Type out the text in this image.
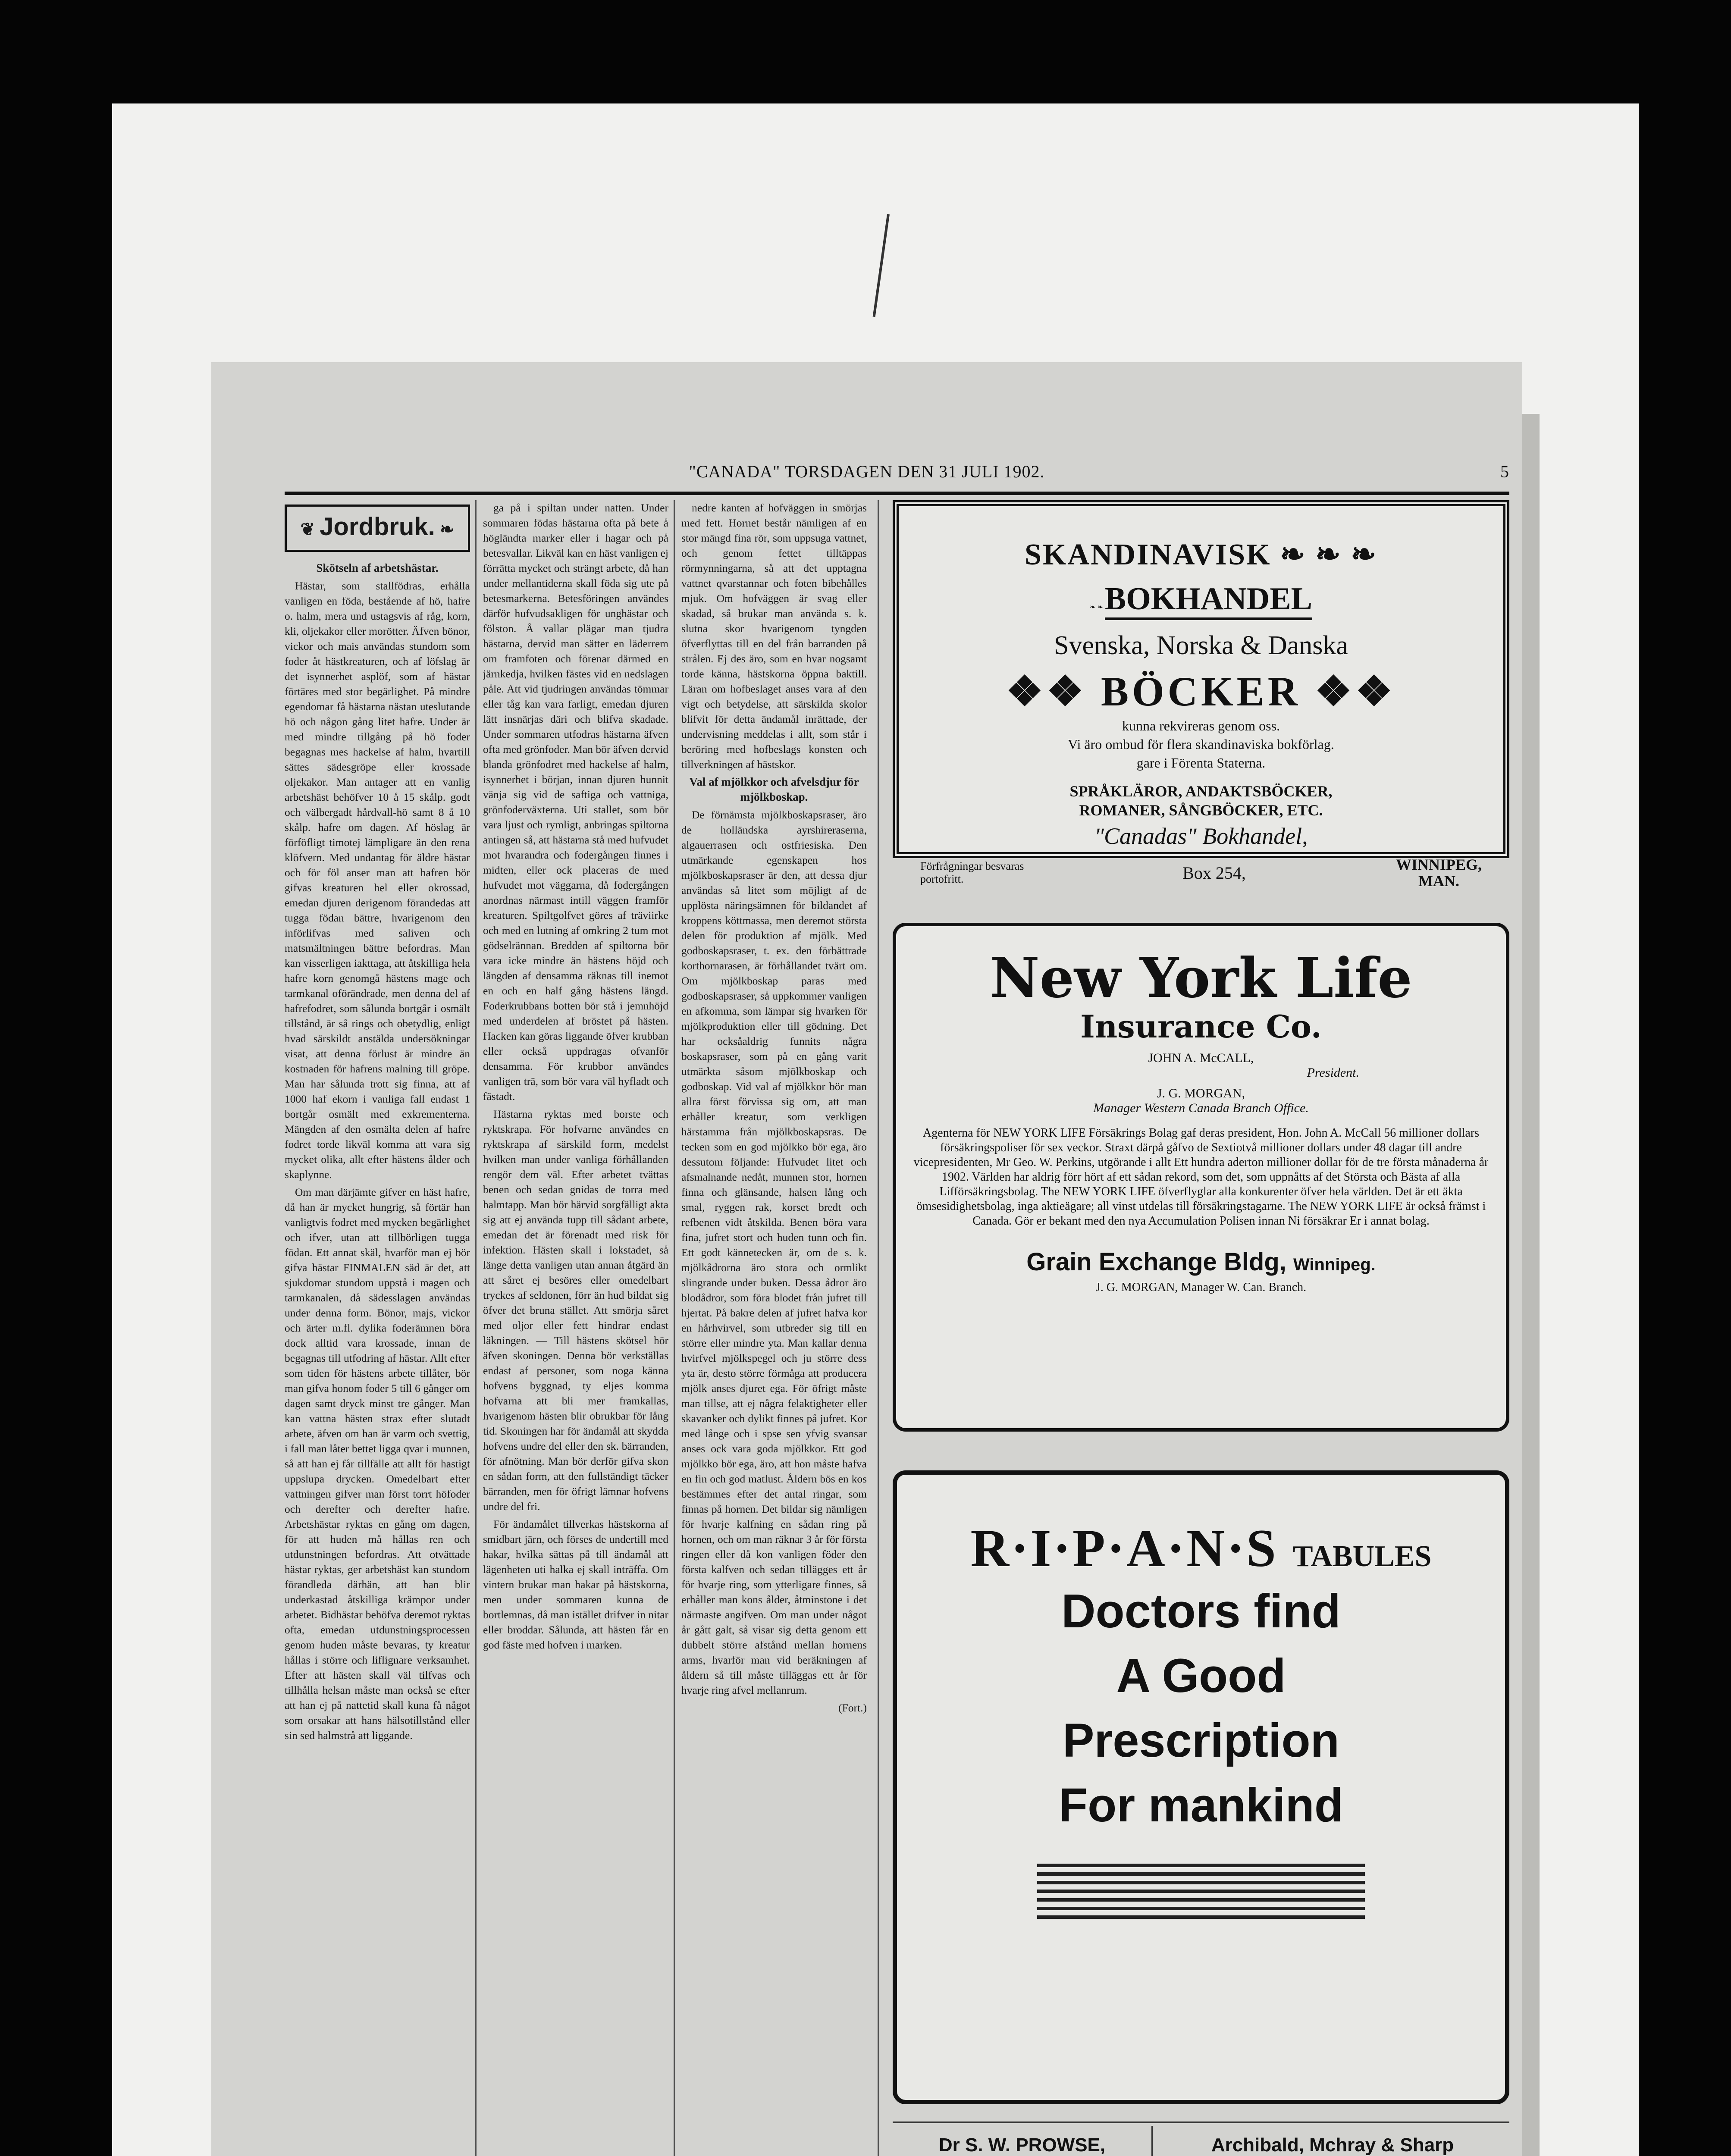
"CANADA" TORSDAGEN DEN 31 JULI 1902.	5
❦ Jordbruk. ❧

Skötseln af arbetshästar.

Hästar, som stallfödras, erhålla vanligen en föda, bestående af hö, hafre o. halm, mera und ustagsvis af råg, korn, kli, oljekakor eller morötter. Äfven bönor, vickor och mais användas stundom som foder åt hästkreaturen, och af löfslag är det isynnerhet asplöf, som af hästar förtäres med stor begärlighet. På mindre egendomar få hästarna nästan uteslutande hö och någon gång litet hafre. Under är med mindre tillgång på hö foder begagnas mes hackelse af halm, hvartill sättes sädesgröpe eller krossade oljekakor. Man antager att en vanlig arbetshäst behöfver 10 å 15 skålp. godt och välbergadt hårdvall-hö samt 8 å 10 skålp. hafre om dagen. Af höslag är förföfligt timotej lämpligare än den rena klöfvern. Med undantag för äldre hästar och för föl anser man att hafren bör gifvas kreaturen hel eller okrossad, emedan djuren derigenom förandedas att tugga födan bättre, hvarigenom den införlifvas med saliven och matsmältningen bättre befordras. Man kan visserligen iakttaga, att åtskilliga hela hafre korn genomgå hästens mage och tarmkanal oförändrade, men denna del af hafrefodret, som sålunda bortgår i osmält tillstånd, är så rings och obetydlig, enligt hvad särskildt anstälda undersökningar visat, att denna förlust är mindre än kostnaden för hafrens malning till gröpe. Man har sålunda trott sig finna, att af 1000 haf ekorn i vanliga fall endast 1 bortgår osmält med exkrementerna. Mängden af den osmälta delen af hafre fodret torde likväl komma att vara sig mycket olika, allt efter hästens ålder och skaplynne.

Om man därjämte gifver en häst hafre, då han är mycket hungrig, så förtär han vanligtvis fodret med mycken begärlighet och ifver, utan att tillbörligen tugga födan. Ett annat skäl, hvarför man ej bör gifva hästar FINMALEN säd är det, att sjukdomar stundom uppstå i magen och tarmkanalen, då sädesslagen användas under denna form. Bönor, majs, vickor och ärter m.fl. dylika foderämnen böra dock alltid vara krossade, innan de begagnas till utfodring af hästar. Allt efter som tiden för hästens arbete tillåter, bör man gifva honom foder 5 till 6 gånger om dagen samt dryck minst tre gånger. Man kan vattna hästen strax efter slutadt arbete, äfven om han är varm och svettig, i fall man låter bettet ligga qvar i munnen, så att han ej får tillfälle att allt för hastigt uppslupa drycken. Omedelbart efter vattningen gifver man först torrt höfoder och derefter och derefter hafre. Arbetshästar ryktas en gång om dagen, för att huden må hållas ren och utdunstningen befordras. Att otvättade hästar ryktas, ger arbetshäst kan stundom förandleda därhän, att han blir underkastad åtskilliga krämpor under arbetet. Bidhästar behöfva deremot ryktas ofta, emedan utdunstningsprocessen genom huden måste bevaras, ty kreatur hållas i större och liflignare verksamhet. Efter att hästen skall väl tilfvas och tillhålla helsan måste man också se efter att han ej på nattetid skall kuna få något som orsakar att hans hälsotillstånd eller sin sed halmstrå att liggande.

ga på i spiltan under natten. Under sommaren födas hästarna ofta på bete å högländta marker eller i hagar och på betesvallar. Likväl kan en häst vanligen ej förrätta mycket och strängt arbete, då han under mellantiderna skall föda sig ute på betesmarkerna. Betesföringen användes därför hufvudsakligen för unghästar och fölston. Å vallar plägar man tjudra hästarna, dervid man sätter en läderrem om framfoten och förenar därmed en järnkedja, hvilken fästes vid en nedslagen påle. Att vid tjudringen användas tömmar eller tåg kan vara farligt, emedan djuren lätt insnärjas däri och blifva skadade. Under sommaren utfodras hästarna äfven ofta med grönfoder. Man bör äfven dervid blanda grönfodret med hackelse af halm, isynnerhet i början, innan djuren hunnit vänja sig vid de saftiga och vattniga, grönfoderväxterna. Uti stallet, som bör vara ljust och rymligt, anbringas spiltorna antingen så, att hästarna stå med hufvudet mot hvarandra och fodergången finnes i midten, eller ock placeras de med hufvudet mot väggarna, då fodergången anordnas närmast intill väggen framför kreaturen. Spiltgolfvet göres af träviirke och med en lutning af omkring 2 tum mot gödselrännan. Bredden af spiltorna bör vara icke mindre än hästens höjd och längden af densamma räknas till inemot en och en half gång hästens längd. Foderkrubbans botten bör stå i jemnhöjd med underdelen af bröstet på hästen. Hacken kan göras liggande öfver krubban eller också uppdragas ofvanför densamma. För krubbor användes vanligen trä, som bör vara väl hyfladt och fästadt.

Hästarna ryktas med borste och ryktskrapa. För hofvarne användes en ryktskrapa af särskild form, medelst hvilken man under vanliga förhållanden rengör dem väl. Efter arbetet tvättas benen och sedan gnidas de torra med halmtapp. Man bör härvid sorgfälligt akta sig att ej använda tupp till sådant arbete, emedan det är förenadt med risk för infektion. Hästen skall i lokstadet, så länge detta vanligen utan annan åtgärd än att såret ej besöres eller omedelbart tryckes af seldonen, förr än hud bildat sig öfver det bruna stället. Att smörja såret med oljor eller fett hindrar endast läkningen. — Till hästens skötsel hör äfven skoningen. Denna bör verkställas endast af personer, som noga känna hofvens byggnad, ty eljes komma hofvarna att bli mer framkallas, hvarigenom hästen blir obrukbar för lång tid. Skoningen har för ändamål att skydda hofvens undre del eller den sk. bärranden, för afnötning. Man bör derför gifva skon en sådan form, att den fullständigt täcker bärranden, men för öfrigt lämnar hofvens undre del fri.

För ändamålet tillverkas hästskorna af smidbart järn, och förses de undertill med hakar, hvilka sättas på till ändamål att lägenheten uti halka ej skall inträffa. Om vintern brukar man hakar på hästskorna, men under sommaren kunna de bortlemnas, då man istället drifver in nitar eller broddar. Sålunda, att hästen får en god fäste med hofven i marken.

nedre kanten af hofväggen in smörjas med fett. Hornet består nämligen af en stor mängd fina rör, som uppsuga vattnet, och genom fettet tilltäppas rörmynningarna, så att det upptagna vattnet qvarstannar och foten bibehålles mjuk. Om hofväggen är svag eller skadad, så brukar man använda s. k. slutna skor hvarigenom tyngden öfverflyttas till en del från barranden på strålen. Ej des äro, som en hvar nogsamt torde känna, hästskorna öppna baktill. Läran om hofbeslaget anses vara af den vigt och betydelse, att särskilda skolor blifvit för detta ändamål inrättade, der undervisning meddelas i allt, som står i beröring med hofbeslags konsten och tillverkningen af hästskor.

Val af mjölkkor och afvelsdjur för mjölkboskap.

De förnämsta mjölkboskapsraser, äro de holländska ayrshireraserna, algauerrasen och ostfriesiska. Den utmärkande egenskapen hos mjölkboskapsraser är den, att dessa djur användas så litet som möjligt af de upplösta näringsämnen för bildandet af kroppens köttmassa, men deremot största delen för produktion af mjölk. Med godboskapsraser, t. ex. den förbättrade korthornarasen, är förhållandet tvärt om. Om mjölkboskap paras med godboskapsraser, så uppkommer vanligen en afkomma, som lämpar sig hvarken för mjölkproduktion eller till gödning. Det har ocksåaldrig funnits några boskapsraser, som på en gång varit utmärkta såsom mjölkboskap och godboskap. Vid val af mjölkkor bör man allra först förvissa sig om, att man erhåller kreatur, som verkligen härstamma från mjölkboskapsras. De tecken som en god mjölkko bör ega, äro dessutom följande: Hufvudet litet och afsmalnande nedåt, munnen stor, hornen finna och glänsande, halsen lång och smal, ryggen rak, korset bredt och refbenen vidt åtskilda. Benen böra vara fina, jufret stort och huden tunn och fin. Ett godt kännetecken är, om de s. k. mjölkådrorna äro stora och ormlikt slingrande under buken. Dessa ådror äro blodådror, som föra blodet från jufret till hjertat. På bakre delen af jufret hafva kor en hårhvirvel, som utbreder sig till en större eller mindre yta. Man kallar denna hvirfvel mjölkspegel och ju större dess yta är, desto större förmåga att producera mjölk anses djuret ega. För öfrigt måste man tillse, att ej några felaktigheter eller skavanker och dylikt finnes på jufret. Kor med långe och i spse sen yfvig svansar anses ock vara goda mjölkkor. Ett god mjölkko bör ega, äro, att hon måste hafva en fin och god matlust. Åldern bös en kos bestämmes efter det antal ringar, som finnas på hornen. Det bildar sig nämligen för hvarje kalfning en sådan ring på hornen, och om man räknar 3 år för första ringen eller då kon vanligen föder den första kalfven och sedan tillägges ett år för hvarje ring, som ytterligare finnes, så erhåller man kons ålder, åtminstone i det närmaste angifven. Om man under något år gått galt, så visar sig detta genom ett dubbelt större afstånd mellan hornens arms, hvarför man vid beräkningen af åldern så till måste tilläggas ett år för hvarje ring afvel mellanrum.

(Fort.)

SKANDINAVISK ❧ ❧ ❧
❧ ❧ BOKHANDEL
Svenska, Norska & Danska
❖❖ BÖCKER ❖❖
kunna rekvireras genom oss.
Vi äro ombud för flera skandinaviska bokförlag.
gare i Förenta Staterna.
SPRÅKLÄROR, ANDAKTSBÖCKER,
ROMANER, SÅNGBÖCKER, ETC.
"Canadas" Bokhandel,
Förfrågningar besvaras portofritt.	Box 254,	WINNIPEG,
MAN.
New York Life
Insurance Co.
JOHN A. McCALL,
President.
J. G. MORGAN,
Manager Western Canada Branch Office.
Agenterna för NEW YORK LIFE Försäkrings Bolag gaf deras president, Hon. John A. McCall 56 millioner dollars försäkringspoliser för sex veckor. Straxt därpå gåfvo de Sextiotvå millioner dollars under 48 dagar till andre vicepresidenten, Mr Geo. W. Perkins, utgörande i allt Ett hundra aderton millioner dollar för de tre första månaderna år 1902. Världen har aldrig förr hört af ett sådan rekord, som det, som uppnåtts af det Största och Bästa af alla Lifförsäkringsbolag. The NEW YORK LIFE öfverflyglar alla konkurenter öfver hela världen. Det är ett äkta ömsesidighetsbolag, inga aktieägare; all vinst utdelas till försäkringstagarne. The NEW YORK LIFE är också främst i Canada. Gör er bekant med den nya Accumulation Polisen innan Ni försäkrar Er i annat bolag.
Grain Exchange Bldg, Winnipeg.
J. G. MORGAN, Manager W. Can. Branch.
R·I·P·A·N·S TABULES
Doctors find
A Good
Prescription
For mankind
Dr S. W. PROWSE,	Archibald, Mchray & Sharp
